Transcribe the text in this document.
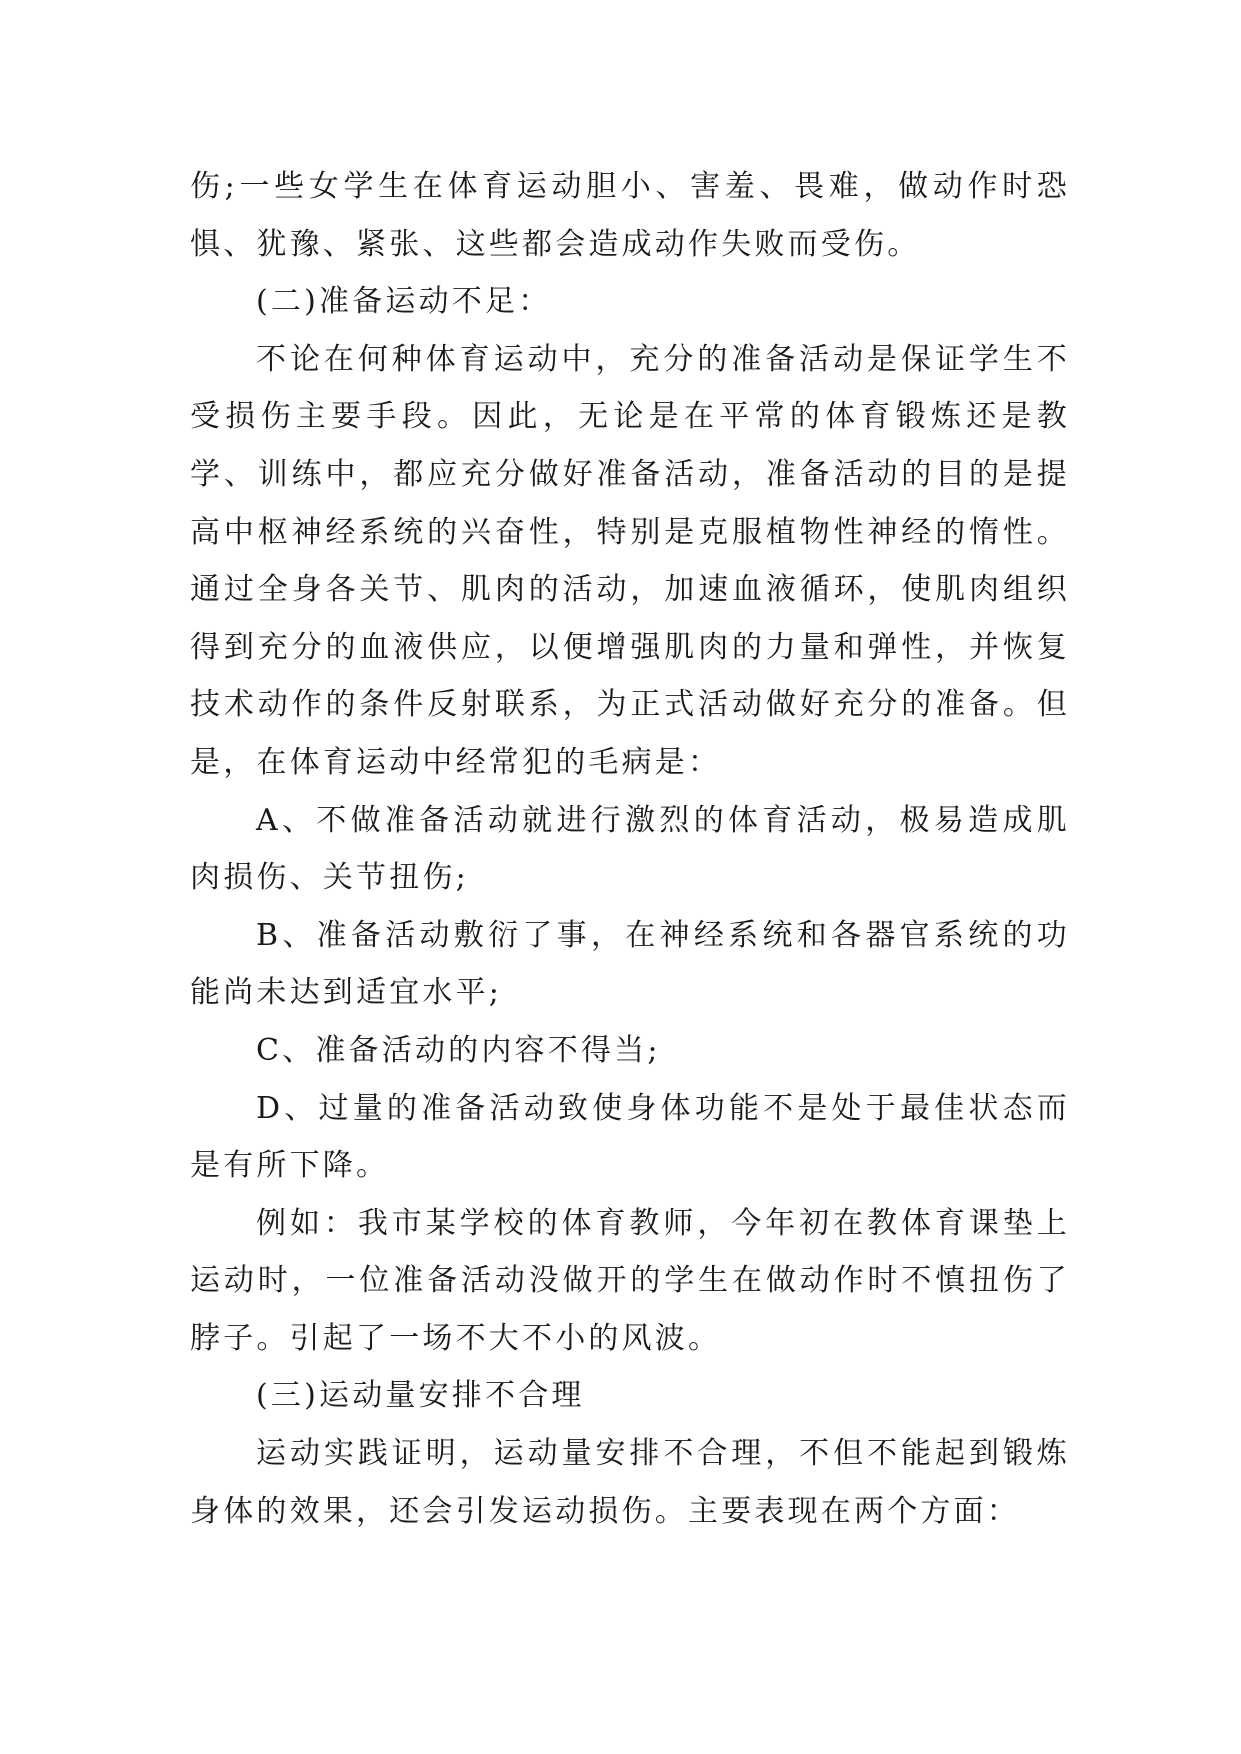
伤;一些女学生在体育运动胆小、害羞、畏难，做动作时恐惧、犹豫、紧张、这些都会造成动作失败而受伤。

(二)准备运动不足：

不论在何种体育运动中，充分的准备活动是保证学生不受损伤主要手段。因此，无论是在平常的体育锻炼还是教学、训练中，都应充分做好准备活动，准备活动的目的是提高中枢神经系统的兴奋性，特别是克服植物性神经的惰性。通过全身各关节、肌肉的活动，加速血液循环，使肌肉组织得到充分的血液供应，以便增强肌肉的力量和弹性，并恢复技术动作的条件反射联系，为正式活动做好充分的准备。但是，在体育运动中经常犯的毛病是：

A、不做准备活动就进行激烈的体育活动，极易造成肌肉损伤、关节扭伤;

B、准备活动敷衍了事，在神经系统和各器官系统的功能尚未达到适宜水平;

C、准备活动的内容不得当;

D、过量的准备活动致使身体功能不是处于最佳状态而是有所下降。

例如：我市某学校的体育教师，今年初在教体育课垫上运动时，一位准备活动没做开的学生在做动作时不慎扭伤了脖子。引起了一场不大不小的风波。

(三)运动量安排不合理

运动实践证明，运动量安排不合理，不但不能起到锻炼身体的效果，还会引发运动损伤。主要表现在两个方面：
